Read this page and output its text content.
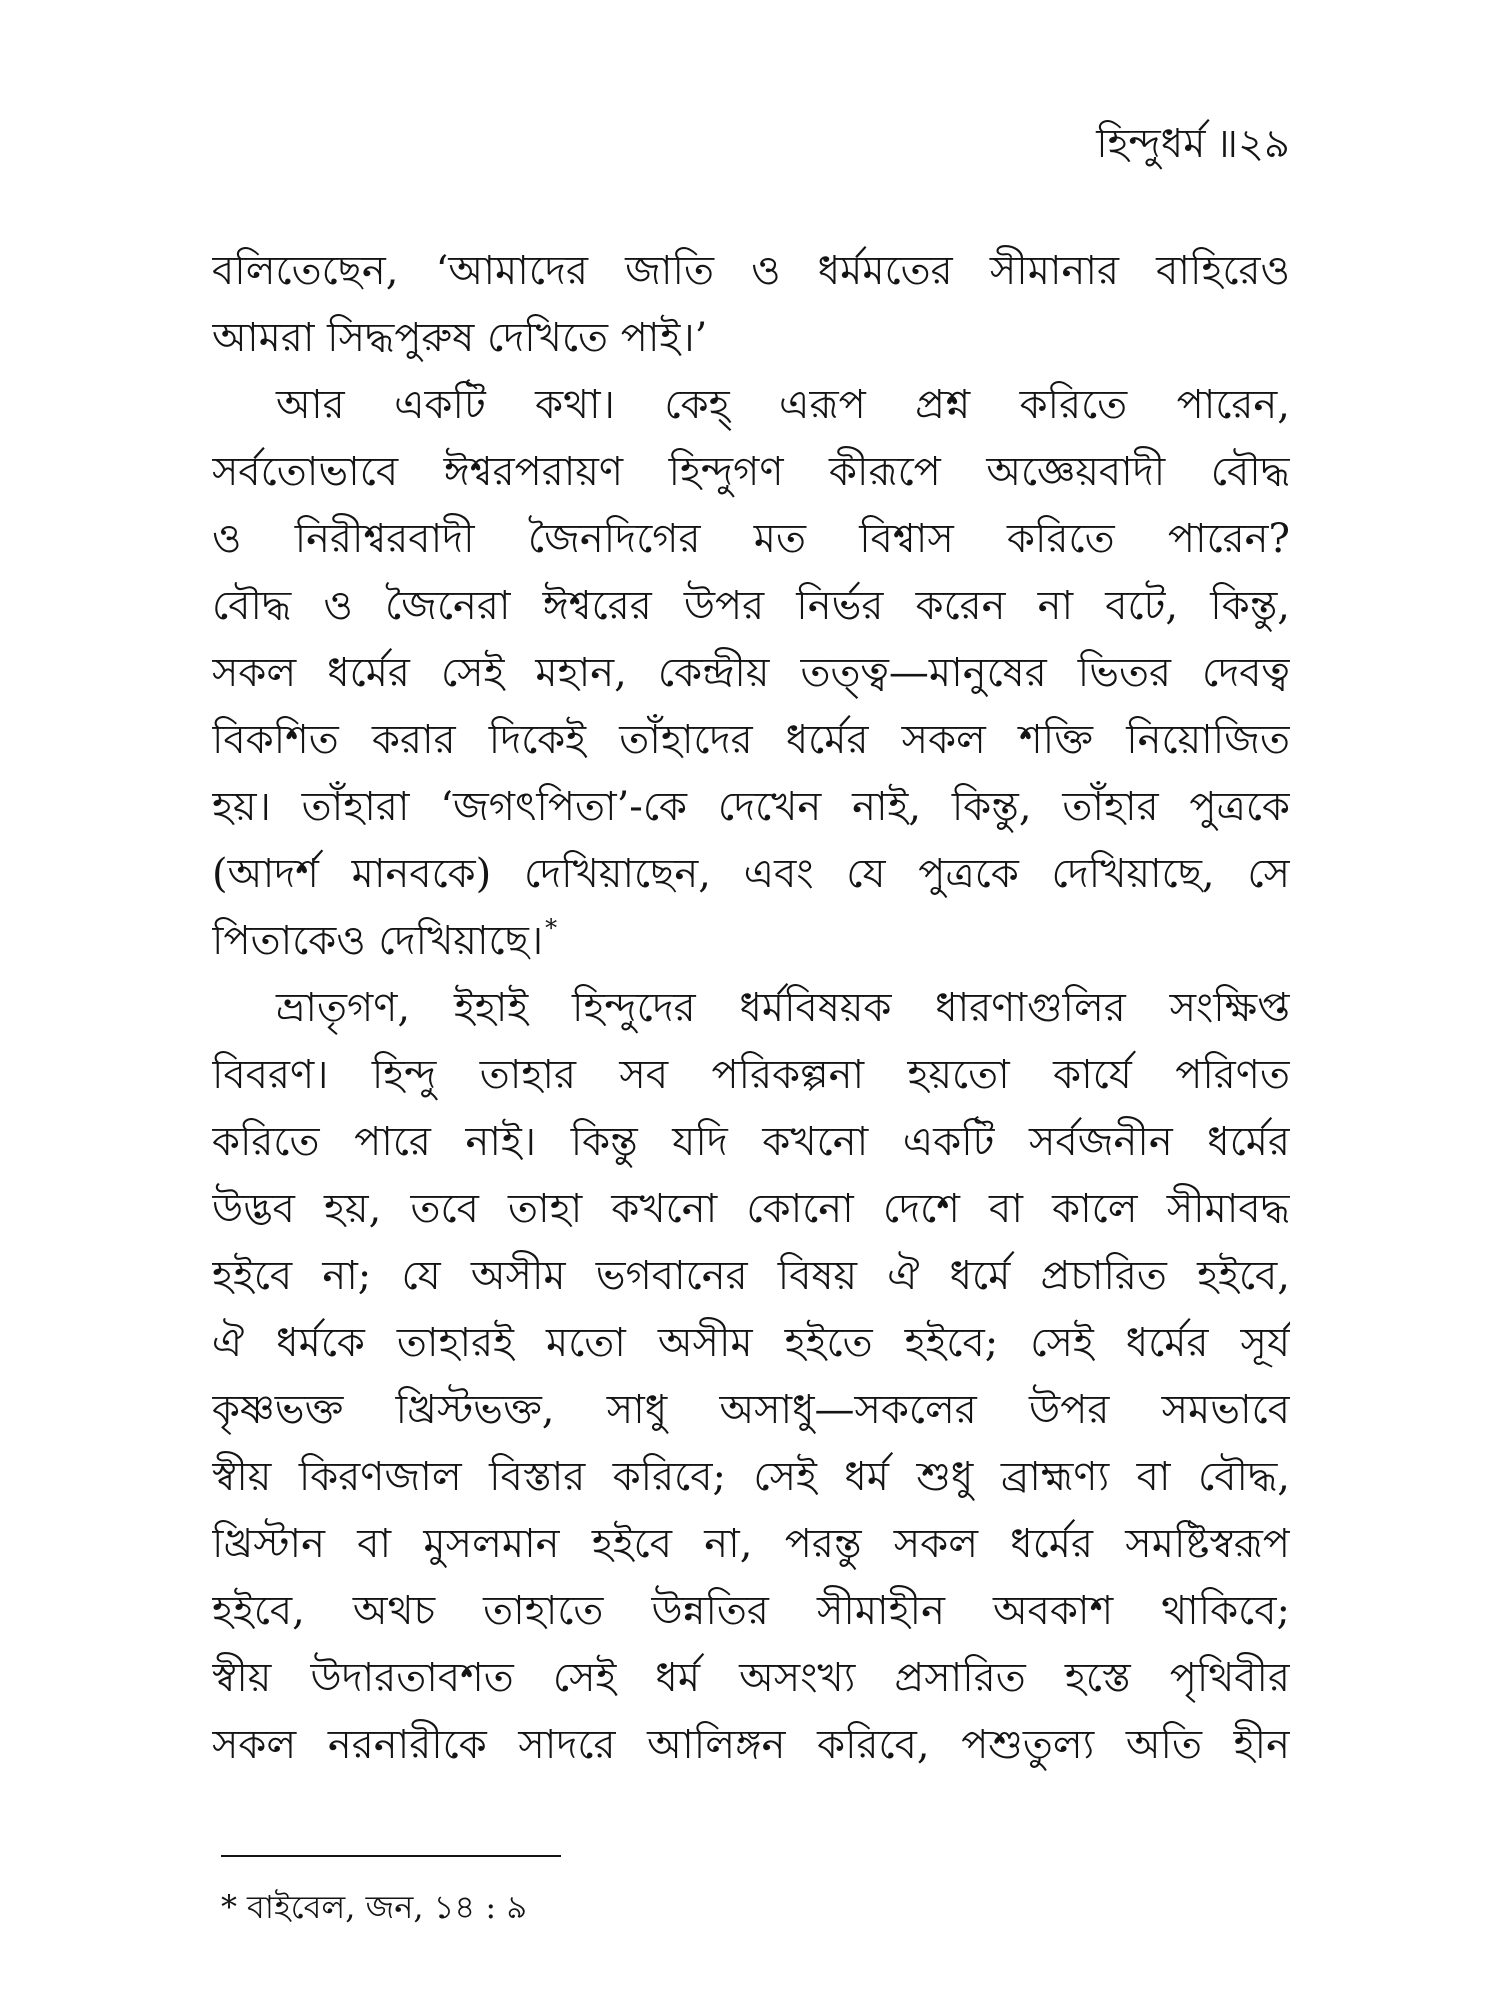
হিন্দুধর্ম ॥২৯
বলিতেছেন, ‘আমাদের জাতি ও ধর্মমতের সীমানার বাহিরেও
আমরা সিদ্ধপুরুষ দেখিতে পাই।’
আর একটি কথা। কেহ্ এরূপ প্রশ্ন করিতে পারেন,
সর্বতোভাবে ঈশ্বরপরায়ণ হিন্দুগণ কীরূপে অজ্ঞেয়বাদী বৌদ্ধ
ও নিরীশ্বরবাদী জৈনদিগের মত বিশ্বাস করিতে পারেন?
বৌদ্ধ ও জৈনেরা ঈশ্বরের উপর নির্ভর করেন না বটে, কিন্তু,
সকল ধর্মের সেই মহান, কেন্দ্রীয় তত্ত্ব—মানুষের ভিতর দেবত্ব
বিকশিত করার দিকেই তাঁহাদের ধর্মের সকল শক্তি নিয়োজিত
হয়। তাঁহারা ‘জগৎপিতা’-কে দেখেন নাই, কিন্তু, তাঁহার পুত্রকে
(আদর্শ মানবকে) দেখিয়াছেন, এবং যে পুত্রকে দেখিয়াছে, সে
পিতাকেও দেখিয়াছে।*
ভ্রাতৃগণ, ইহাই হিন্দুদের ধর্মবিষয়ক ধারণাগুলির সংক্ষিপ্ত
বিবরণ। হিন্দু তাহার সব পরিকল্পনা হয়তো কার্যে পরিণত
করিতে পারে নাই। কিন্তু যদি কখনো একটি সর্বজনীন ধর্মের
উদ্ভব হয়, তবে তাহা কখনো কোনো দেশে বা কালে সীমাবদ্ধ
হইবে না; যে অসীম ভগবানের বিষয় ঐ ধর্মে প্রচারিত হইবে,
ঐ ধর্মকে তাহারই মতো অসীম হইতে হইবে; সেই ধর্মের সূর্য
কৃষ্ণভক্ত খ্রিস্টভক্ত, সাধু অসাধু—সকলের উপর সমভাবে
স্বীয় কিরণজাল বিস্তার করিবে; সেই ধর্ম শুধু ব্রাহ্মণ্য বা বৌদ্ধ,
খ্রিস্টান বা মুসলমান হইবে না, পরন্তু সকল ধর্মের সমষ্টিস্বরূপ
হইবে, অথচ তাহাতে উন্নতির সীমাহীন অবকাশ থাকিবে;
স্বীয় উদারতাবশত সেই ধর্ম অসংখ্য প্রসারিত হস্তে পৃথিবীর
সকল নরনারীকে সাদরে আলিঙ্গন করিবে, পশুতুল্য অতি হীন
* বাইবেল, জন, ১৪ : ৯
